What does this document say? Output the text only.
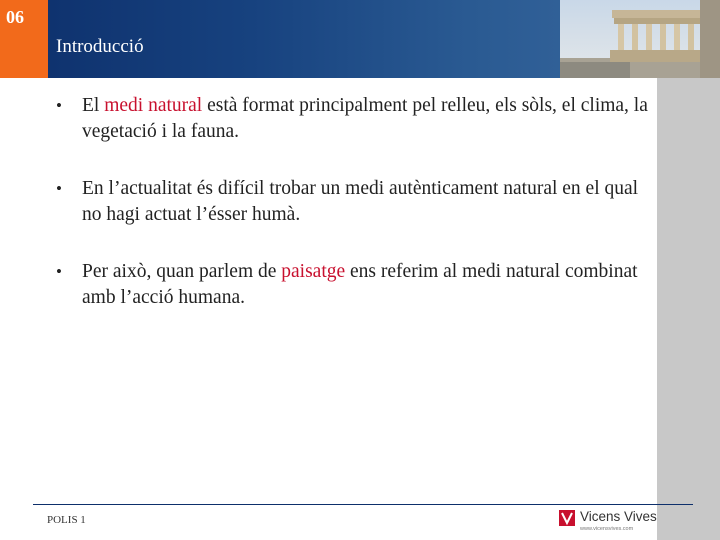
06
Introducció
• El medi natural està format principalment pel relleu, els sòls, el clima, la vegetació i la fauna.
• En l’actualitat és difícil trobar un medi autènticament natural en el qual no hagi actuat l’ésser humà.
• Per això, quan parlem de paisatge ens referim al medi natural combinat amb l’acció humana.
POLIS 1	Vicens Vives
www.vicensvives.com
